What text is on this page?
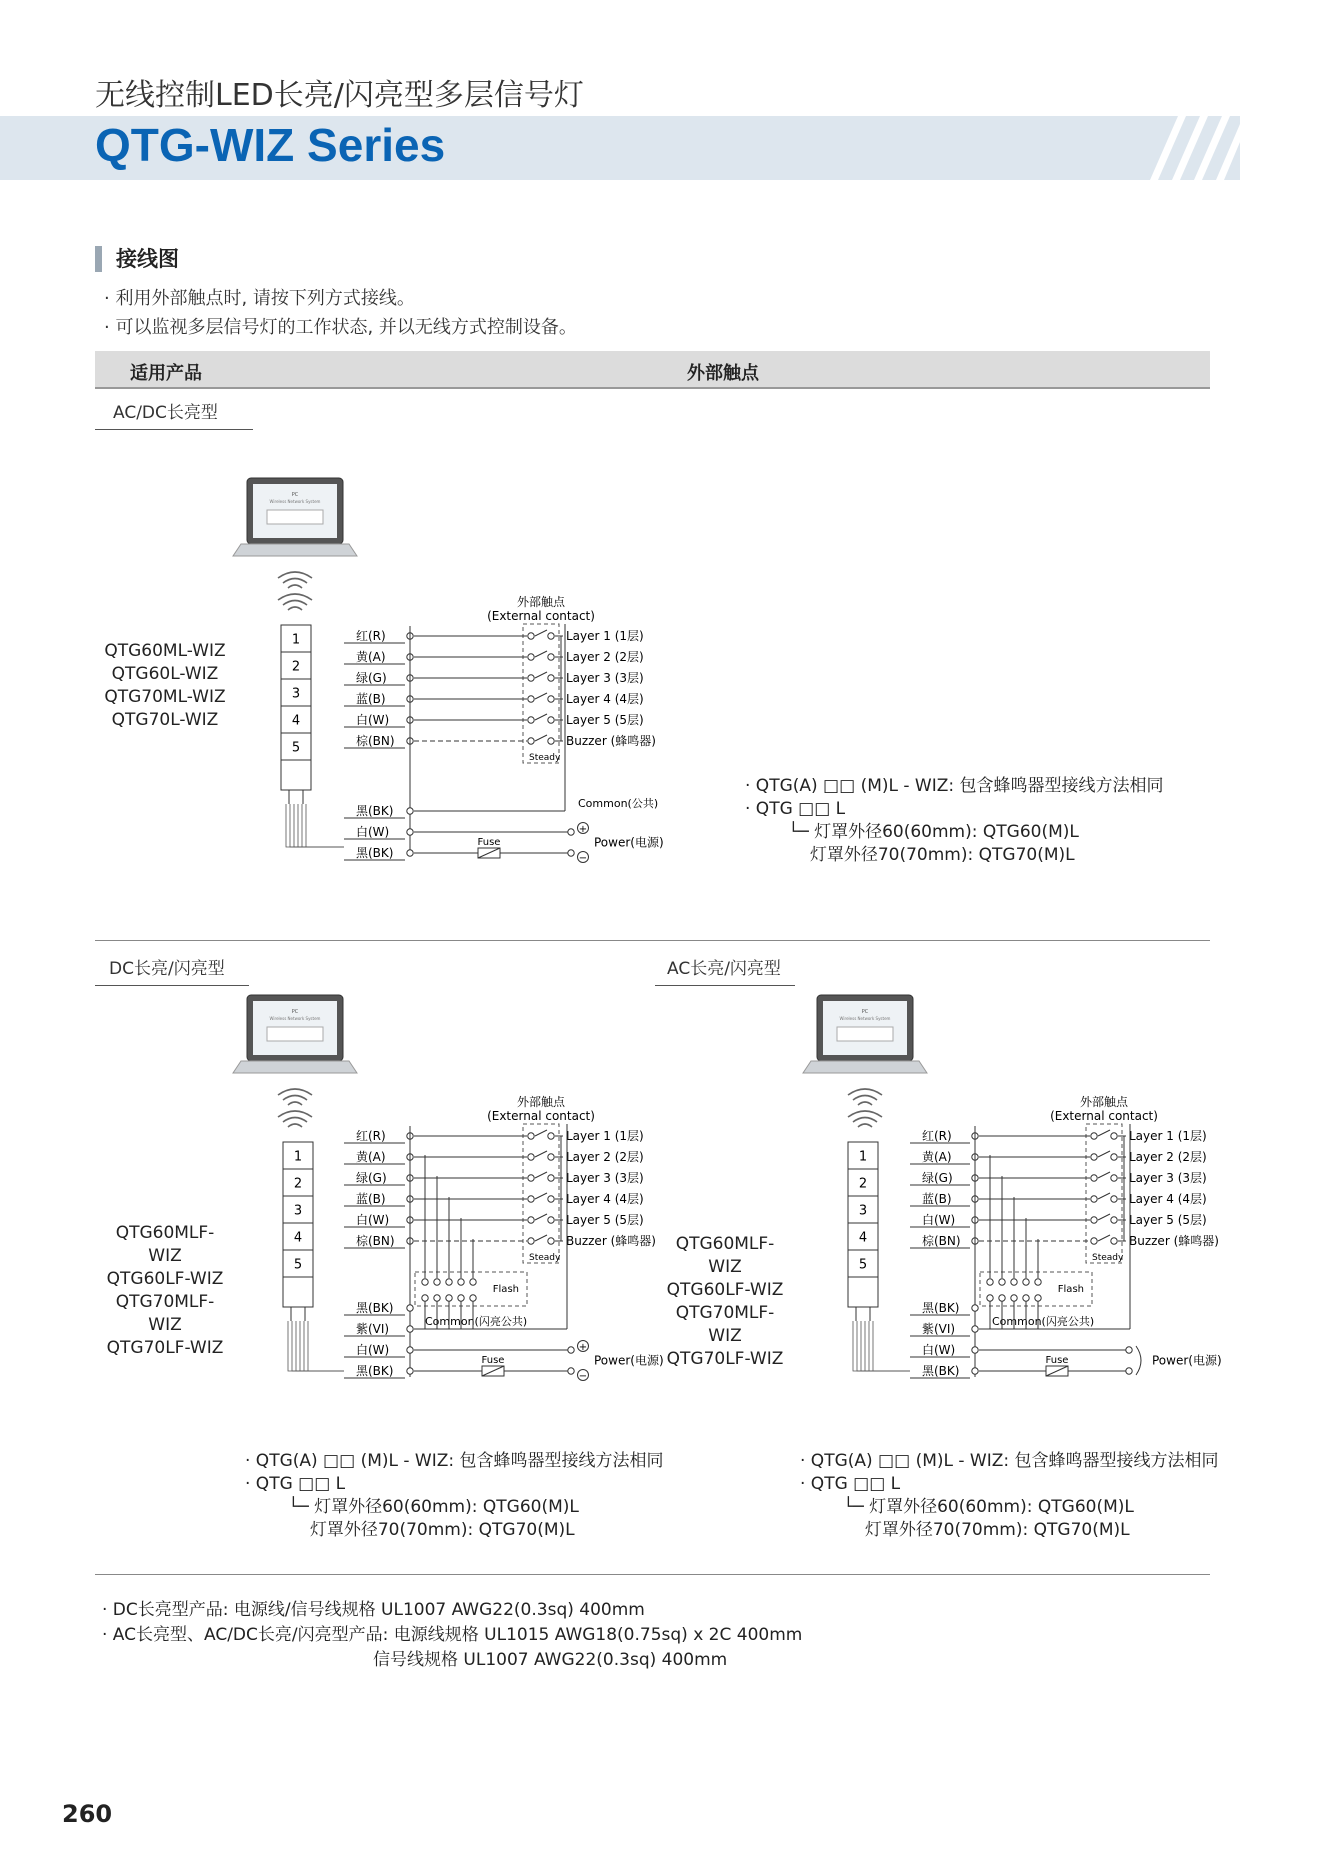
无线控制LED长亮/闪亮型多层信号灯
QTG-WIZ Series
接线图
· 利用外部触点时, 请按下列方式接线。
· 可以监视多层信号灯的工作状态, 并以无线方式控制设备。
适用产品	外部触点
AC/DC长亮型
DC长亮/闪亮型	AC长亮/闪亮型
QTG60ML-WIZ
QTG60L-WIZ
QTG70ML-WIZ
QTG70L-WIZ
QTG60MLF-WIZ
QTG60LF-WIZ
QTG70MLF-WIZ
QTG70LF-WIZ
QTG60MLF-WIZ
QTG60LF-WIZ
QTG70MLF-WIZ
QTG70LF-WIZ
· QTG(A) □□ (M)L - WIZ: 包含蜂鸣器型接线方法相同
· QTG □□ L
└─ 灯罩外径60(60mm): QTG60(M)L
灯罩外径70(70mm): QTG70(M)L
· QTG(A) □□ (M)L - WIZ: 包含蜂鸣器型接线方法相同
· QTG □□ L
└─ 灯罩外径60(60mm): QTG60(M)L
灯罩外径70(70mm): QTG70(M)L
· QTG(A) □□ (M)L - WIZ: 包含蜂鸣器型接线方法相同
· QTG □□ L
└─ 灯罩外径60(60mm): QTG60(M)L
灯罩外径70(70mm): QTG70(M)L
· DC长亮型产品: 电源线/信号线规格 UL1007 AWG22(0.3sq) 400mm
· AC长亮型、AC/DC长亮/闪亮型产品: 电源线规格 UL1015 AWG18(0.75sq) x 2C 400mm
信号线规格 UL1007 AWG22(0.3sq) 400mm
260
PC
Wireless Network System
1
2
3
4
5
外部触点
(External contact)
红(R)	Layer 1 (1层)
黄(A)	Layer 2 (2层)
绿(G)	Layer 3 (3层)
蓝(B)	Layer 4 (4层)
白(W)	Layer 5 (5层)
棕(BN)	Buzzer (蜂鸣器)
Steady
黑(BK)
白(W)
黑(BK)
Common(公共)
Fuse
+
−
Power(电源)
PC
Wireless Network System
1
2
3
4
5
外部触点
(External contact)
红(R)	Layer 1 (1层)
黄(A)	Layer 2 (2层)
绿(G)	Layer 3 (3层)
蓝(B)	Layer 4 (4层)
白(W)	Layer 5 (5层)
棕(BN)	Buzzer (蜂鸣器)
Steady
黑(BK)
紫(VI)
白(W)
黑(BK)
Common(闪亮公共)
Fuse
+
−
Power(电源)
Flash
PC
Wireless Network System
1
2
3
4
5
外部触点
(External contact)
红(R)	Layer 1 (1层)
黄(A)	Layer 2 (2层)
绿(G)	Layer 3 (3层)
蓝(B)	Layer 4 (4层)
白(W)	Layer 5 (5层)
棕(BN)	Buzzer (蜂鸣器)
Steady
黑(BK)
紫(VI)
白(W)
黑(BK)
Common(闪亮公共)
Fuse	Power(电源)
Flash
